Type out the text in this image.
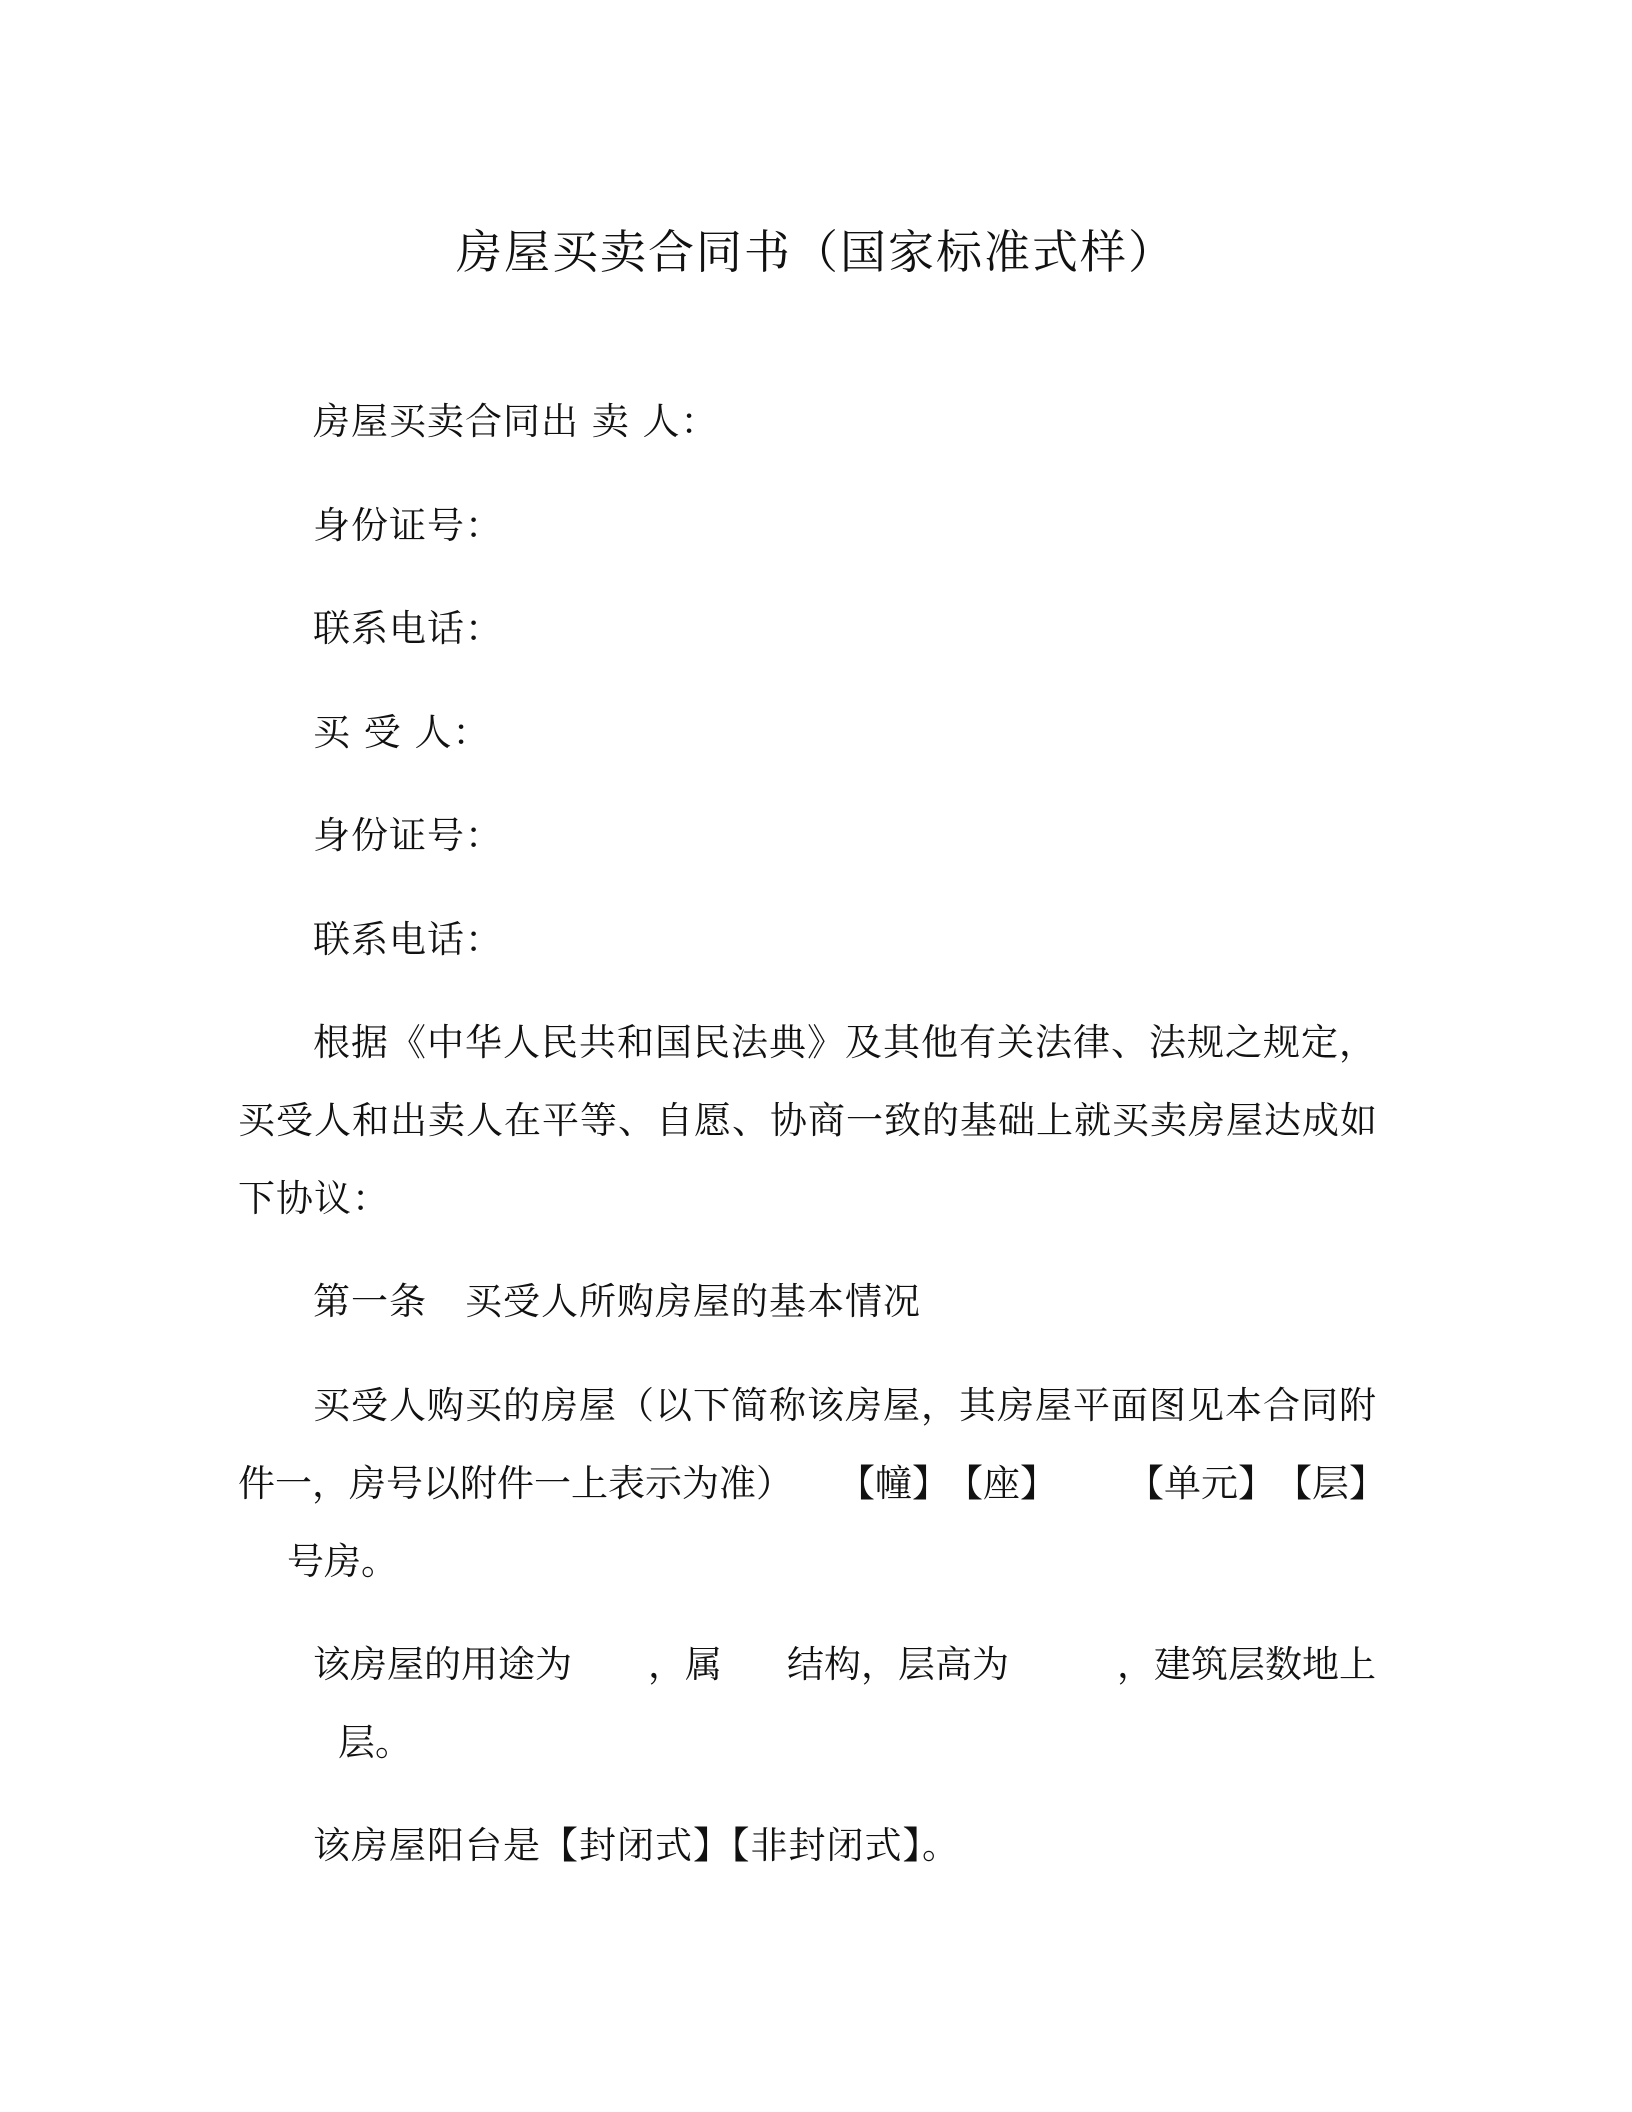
房屋买卖合同书（国家标准式样）
房屋买卖合同出 卖 人：
身份证号：
联系电话：
买 受 人：
身份证号：
联系电话：
根据《中华人民共和国民法典》及其他有关法律、法规之规定，
买受人和出卖人在平等、自愿、协商一致的基础上就买卖房屋达成如
下协议：
第一条　买受人所购房屋的基本情况
买受人购买的房屋（以下简称该房屋，其房屋平面图见本合同附
件一，房号以附件一上表示为准） 【幢】
【座】 【单元】 【层】
号房。
该房屋的用途为 ，属 结构，层高为	，建筑层数地上
层。
该房屋阳台是【封闭式】【非封闭式】。
